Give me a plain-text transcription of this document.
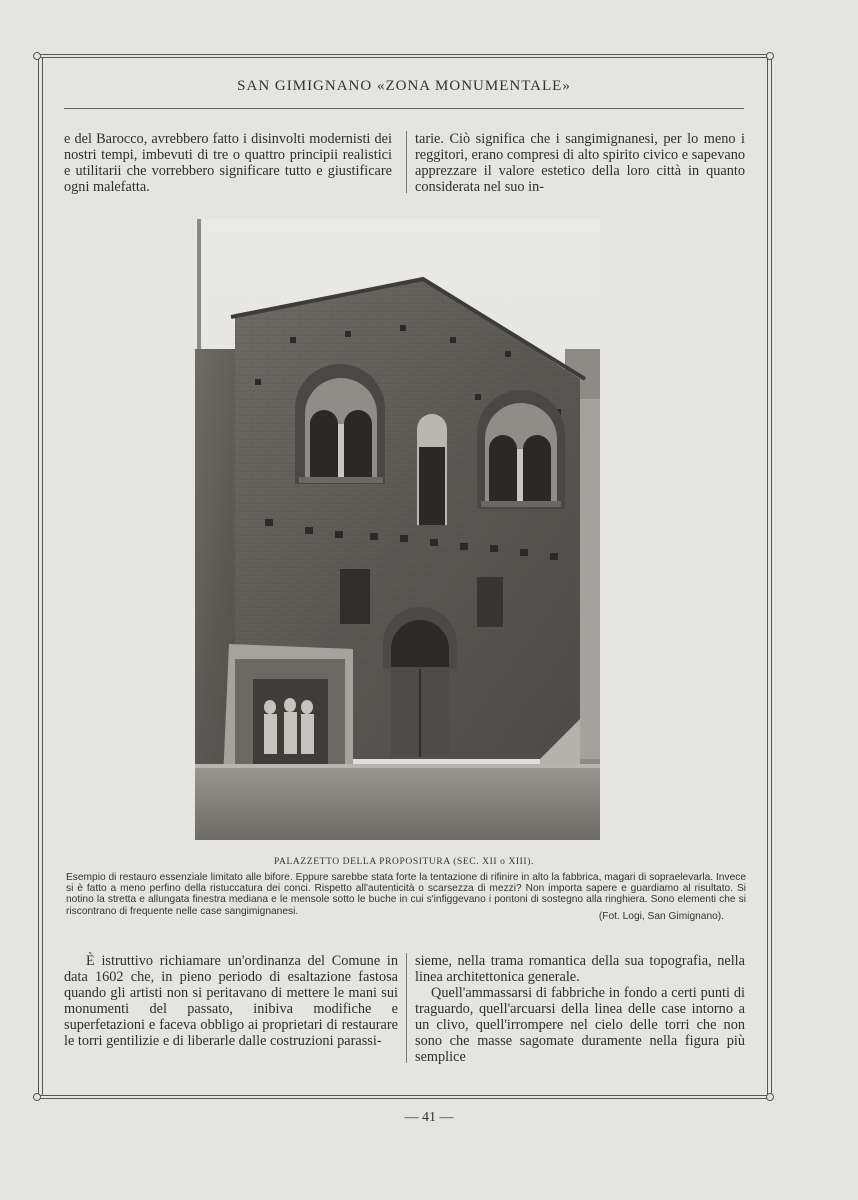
SAN GIMIGNANO «ZONA MONUMENTALE»

e del Barocco, avrebbero fatto i disinvolti modernisti dei nostri tempi, imbevuti di tre o quattro principii realistici e utilitarii che vorrebbero significare tutto e giustificare ogni malefatta.

tarie. Ciò significa che i sangimignanesi, per lo meno i reggitori, erano compresi di alto spirito civico e sapevano apprezzare il valore estetico della loro città in quanto considerata nel suo in-

PALAZZETTO DELLA PROPOSITURA (SEC. XII o XIII).

Esempio di restauro essenziale limitato alle bifore. Eppure sarebbe stata forte la tentazione di rifinire in alto la fabbrica, magari di sopraelevarla. Invece si è fatto a meno perfino della ristuccatura dei conci. Rispetto all'autenticità o scarsezza di mezzi? Non importa sapere e guardiamo al risultato. Si notino la stretta e allungata finestra mediana e le mensole sotto le buche in cui s'infiggevano i pontoni di sostegno alla ringhiera. Sono elementi che si riscontrano di frequente nelle case sangimignanesi.	(Fot. Logi, San Gimignano).

È istruttivo richiamare un'ordinanza del Comune in data 1602 che, in pieno periodo di esaltazione fastosa quando gli artisti non si peritavano di mettere le mani sui monumenti del passato, inibiva modifiche e superfetazioni e faceva obbligo ai proprietari di restaurare le torri gentilizie e di liberarle dalle costruzioni parassi-

sieme, nella trama romantica della sua topografia, nella linea architettonica generale.

Quell'ammassarsi di fabbriche in fondo a certi punti di traguardo, quell'arcuarsi della linea delle case intorno a un clivo, quell'irrompere nel cielo delle torri che non sono che masse sagomate duramente nella figura più semplice

— 41 —
